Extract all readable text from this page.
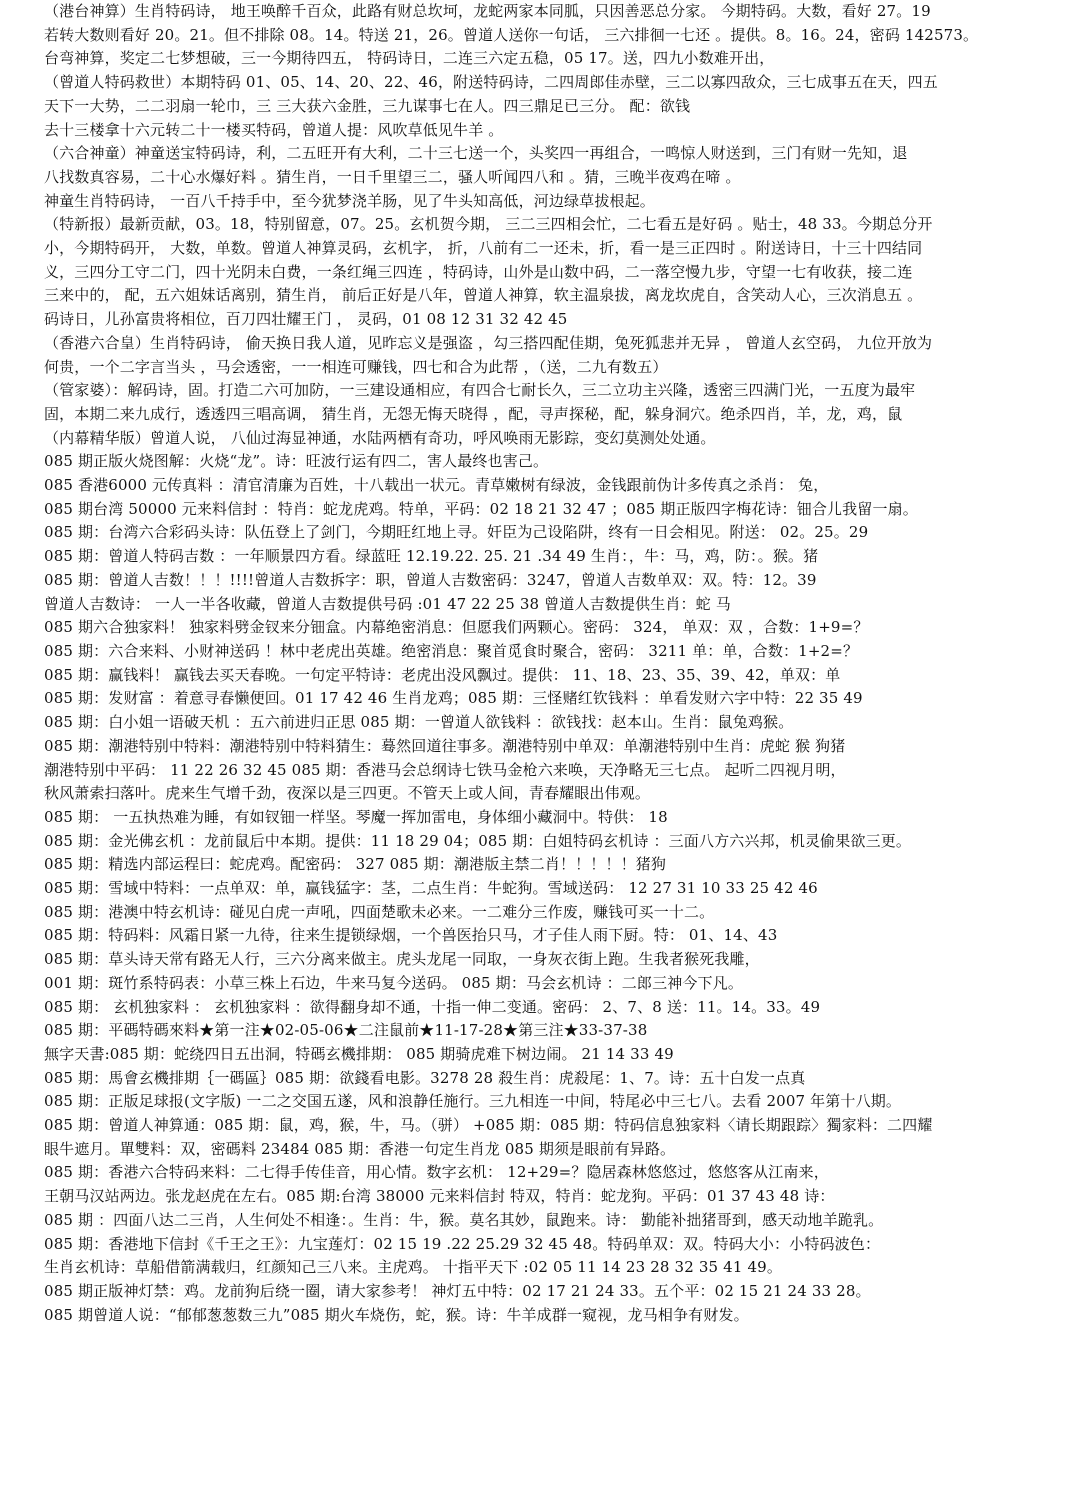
（港台神算）生肖特码诗， 地王唤醉千百众，此路有财总坎坷，龙蛇两家本同胍，只因善恶总分家。 今期特码。大数，看好 27。19
若转大数则看好 20。21。但不排除 08。14。特送 21，26。曾道人送你一句话， 三六排徊一七还 。提供。8。16。24，密码 142573。
台弯神算，奖定二七梦想破，三一今期待四五， 特码诗日，二连三六定五稳，05 17。送，四九小数难开出，
（曾道人特码救世）本期特码 01、05、14、20、22、46，附送特码诗，二四周郎佳赤壁，三二以寡四敌众，三七成事五在天，四五
天下一大势，二二羽扇一轮巾，三 三大获六金胜，三九谋事七在人。四三鼎足已三分。 配：欲钱
去十三楼拿十六元转二十一楼买特码，曾道人提：风吹草低见牛羊 。
（六合神童）神童送宝特码诗，利，二五旺开有大利，二十三七送一个，头奖四一再组合，一鸣惊人财送到，三门有财一先知，退
八找数真容易，二十心水爆好料 。猜生肖，一日千里望三二，骚人听闻四八和 。猜，三晚半夜鸡在啼 。
神童生肖特码诗， 一百八千持手中，至今犹梦浇羊肠，见了牛头知高低，河边绿草拔根起。
（特新报）最新贡献，03。18，特别留意，07。25。玄机贺今期， 三二三四相会忙，二七看五是好码 。贴士，48 33。今期总分开
小，今期特码开， 大数，单数。曾道人神算灵码，玄机字， 折，八前有二一还未，折，看一是三正四时 。附送诗日，十三十四结同
义，三四分工守二门，四十光阴未白费，一条红绳三四连 ，特码诗，山外是山数中码，二一落空慢九步，守望一七有收获，接二连
三来中的， 配，五六姐妹话离别，猜生肖， 前后正好是八年，曾道人神算，软主温泉拔，离龙坎虎自，含笑动人心，三次消息五 。
码诗日，儿孙富贵将相位，百刀四壮耀王门 ， 灵码，01 08 12 31 32 42 45
（香港六合皇）生肖特码诗， 偷天换日我人道，见昨忘义是强盗 ，勾三搭四配佳期，兔死狐悲并无异 ， 曾道人玄空码， 九位开放为
何贵，一个二字言当头 ，马会透密，一一相连可赚钱，四七和合为此帮 ，（送，二九有数五）
（管家婆）：解码诗，固。打造二六可加防，一三建设通相应，有四合七耐长久，三二立功主兴隆，透密三四满门光，一五度为最牢
固，本期二来九成行，透透四三唱高调， 猜生肖，无怨无悔天晓得 ，配，寻声探秘，配，躲身洞穴。绝杀四肖，羊，龙，鸡，鼠
（内幕精华版）曾道人说， 八仙过海显神通，水陆两栖有奇功，呼风唤雨无影踪，变幻莫测处处通。
085 期正版火烧图解：火烧“龙”。诗：旺波行运有四二，害人最终也害己。
085 香港6000 元传真料 ：清官清廉为百姓，十八载出一状元。青草嫩树有绿波，金钱跟前伪计多传真之杀肖： 兔，
085 期台湾 50000 元来料信封 ：特肖：蛇龙虎鸡。特单，平码：02 18 21 32 47 ；085 期正版四字梅花诗：钿合儿我留一扇。
085 期：台湾六合彩码头诗：队伍登上了剑门，今期旺红地上寻。奸臣为己设陷阱，终有一日会相见。附送： 02。25。29
085 期：曾道人特码吉数 ：一年顺景四方看。绿蓝旺 12.19.22. 25. 21 .34 49 生肖：，牛：马，鸡，防：。猴。猪
085 期：曾道人吉数！！！!!!!曾道人吉数拆字：职，曾道人吉数密码：3247，曾道人吉数单双：双。特：12。39
曾道人吉数诗： 一人一半各收藏，曾道人吉数提供号码 :01 47 22 25 38 曾道人吉数提供生肖：蛇 马
085 期六合独家料！ 独家料劈金钗来分钿盒。内幕绝密消息：但愿我们两颗心。密码： 324， 单双：双 ，合数：1+9=？
085 期：六合来料、小财神送码 ！林中老虎出英雄。绝密消息：聚首觅食时聚合，密码： 3211 单：单，合数：1+2=？
085 期：赢钱料！ 赢钱去买天春晚。一句定平特诗：老虎出没风飘过。提供： 11、18、23、35、39、42，单双：单
085 期：发财富 ：着意寻春懒便回。01 17 42 46 生肖龙鸡；085 期：三怪赌红钦钱料 ：单看发财六字中特：22 35 49
085 期：白小姐一语破天机 ：五六前进归正思 085 期：一曾道人欲钱料 ：欲钱找：赵本山。生肖：鼠兔鸡猴。
085 期：潮港特别中特料：潮港特别中特料猜生：蓦然回道往事多。潮港特别中单双：单潮港特别中生肖：虎蛇 猴 狗猪
潮港特别中平码： 11 22 26 32 45 085 期：香港马会总纲诗七铁马金枪六来唤，天净略无三七点。 起听二四视月明，
秋风萧索扫落叶。虎来生气增千劲，夜深以是三四更。不管天上或人间，青春耀眼出伟观。
085 期： 一五执热难为睡，有如钗钿一样坚。琴魔一挥加雷电，身体细小藏洞中。特供： 18
085 期：金光佛玄机 ：龙前鼠后中本期。提供：11 18 29 04；085 期：白姐特码玄机诗 ：三面八方六兴邦，机灵偷果欲三更。
085 期：精选内部运程曰：蛇虎鸡。配密码： 327 085 期：潮港版主禁二肖！！！！！猪狗
085 期：雪域中特料：一点单双：单，赢钱猛字：茎，二点生肖：牛蛇狗。雪域送码： 12 27 31 10 33 25 42 46
085 期：港澳中特玄机诗：碰见白虎一声吼，四面楚歌未必来。一二难分三作废，赚钱可买一十二。
085 期：特码料：风霜日紧一九待，往来生提锁绿烟，一个兽医抬只马，才子佳人雨下厨。特： 01、14、43
085 期：草头诗天常有路无人行，三六分离来做主。虎头龙尾一同取，一身灰衣街上跑。生我者猴死我雕，
001 期：斑竹系特码表：小草三株上石边，牛来马复今送码。 085 期：马会玄机诗 ：二郎三神今下凡。
085 期： 玄机独家料 ： 玄机独家料 ：欲得翻身却不通，十指一伸二变通。密码： 2、7、8 送：11。14。33。49
085 期：平碼特碼來料★第一注★02-05-06★二注鼠前★11-17-28★第三注★33-37-38
無字天書:085 期：蛇绕四日五出洞，特碼玄機排期： 085 期骑虎难下树边闹。 21 14 33 49
085 期：馬會玄機排期｛一碼區｝085 期：欲錢看电影。3278 28 殺生肖：虎殺尾：1、7。诗：五十白发一点真
085 期：正版足球报(文字版) 一二之交国五遂，风和浪静任施行。三九相连一中间，特尾必中三七八。去看 2007 年第十八期。
085 期：曾道人神算通：085 期：鼠，鸡，猴，牛，马。（骈） +085 期：085 期：特码信息独家料〈请长期跟踪〉獨家料：二四耀
眼牛遮月。單雙料：双，密碼料 23484 085 期：香港一句定生肖龙 085 期须是眼前有异路。
085 期：香港六合特码来料：二七得手传佳音，用心情。数字玄机： 12+29=？隐居森林悠悠过，悠悠客从江南来，
王朝马汉站两边。张龙赵虎在左右。085 期:台湾 38000 元来料信封 特双，特肖：蛇龙狗。平码：01 37 43 48 诗：
085 期 ：四面八达二三肖，人生何处不相逢：。生肖：牛，猴。莫名其妙，鼠跑来。诗： 勤能补拙猪哥到，感天动地羊跪乳。
085 期：香港地下信封《千王之王》：九宝莲灯：02 15 19 .22 25.29 32 45 48。特码单双：双。特码大小：小特码波色：
生肖玄机诗：草船借箭满载归，红颜知己三八来。主虎鸡。 十指平天下 :02 05 11 14 23 28 32 35 41 49。
085 期正版神灯禁：鸡。龙前狗后绕一圈，请大家参考！ 神灯五中特：02 17 21 24 33。五个平：02 15 21 24 33 28。
085 期曾道人说：“郁郁葱葱数三九”085 期火车烧伤，蛇，猴。诗：牛羊成群一窥视，龙马相争有财发。
